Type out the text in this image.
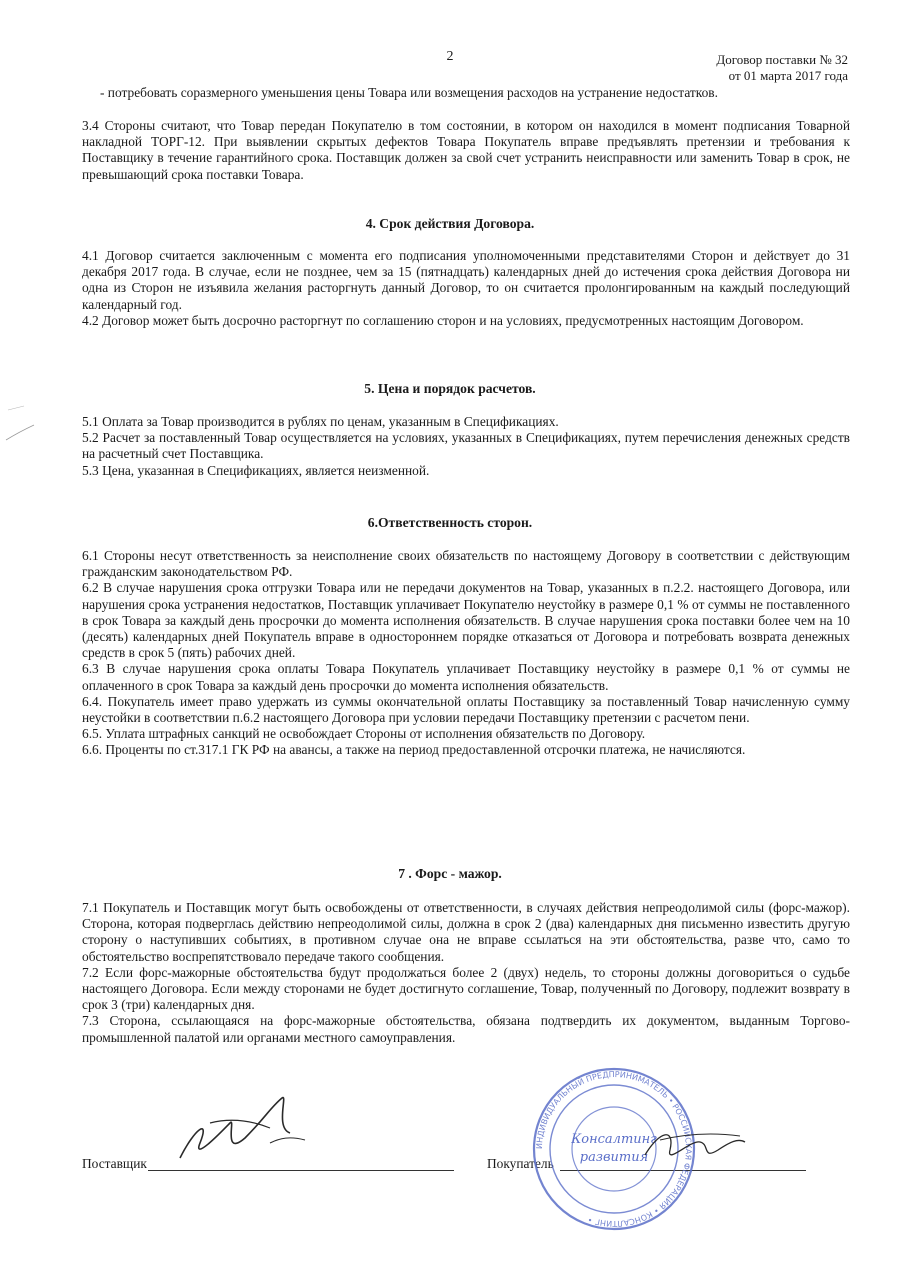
2	Договор поставки № 32
от 01 марта 2017 года

- потребовать соразмерного уменьшения цены Товара или возмещения расходов на устранение недостатков.

3.4 Стороны считают, что Товар передан Покупателю в том состоянии, в котором он находился в момент подписания Товарной накладной ТОРГ-12. При выявлении скрытых дефектов Товара Покупатель вправе предъявлять претензии и требования к Поставщику в течение гарантийного срока. Поставщик должен за свой счет устранить неисправности или заменить Товар в срок, не превышающий срока поставки Товара.

4. Срок действия Договора.

4.1 Договор считается заключенным с момента его подписания уполномоченными представителями Сторон и действует до 31 декабря 2017 года. В случае, если не позднее, чем за 15 (пятнадцать) календарных дней до истечения срока действия Договора ни одна из Сторон не изъявила желания расторгнуть данный Договор, то он считается пролонгированным на каждый последующий календарный год.

4.2 Договор может быть досрочно расторгнут по соглашению сторон и на условиях, предусмотренных настоящим Договором.

5. Цена и порядок расчетов.

5.1 Оплата за Товар производится в рублях по ценам, указанным в Спецификациях.

5.2 Расчет за поставленный Товар осуществляется на условиях, указанных в Спецификациях, путем перечисления денежных средств на расчетный счет Поставщика.

5.3 Цена, указанная в Спецификациях, является неизменной.

6.Ответственность сторон.

6.1 Стороны несут ответственность за неисполнение своих обязательств по настоящему Договору в соответствии с действующим гражданским законодательством РФ.

6.2 В случае нарушения срока отгрузки Товара или не передачи документов на Товар, указанных в п.2.2. настоящего Договора, или нарушения срока устранения недостатков, Поставщик уплачивает Покупателю неустойку в размере 0,1 % от суммы не поставленного в срок Товара за каждый день просрочки до момента исполнения обязательств. В случае нарушения срока поставки более чем на 10 (десять) календарных дней Покупатель вправе в одностороннем порядке отказаться от Договора и потребовать возврата денежных средств в срок 5 (пять) рабочих дней.

6.3 В случае нарушения срока оплаты Товара Покупатель уплачивает Поставщику неустойку в размере 0,1 % от суммы не оплаченного в срок Товара за каждый день просрочки до момента исполнения обязательств.

6.4. Покупатель имеет право удержать из суммы окончательной оплаты Поставщику за поставленный Товар начисленную сумму неустойки в соответствии п.6.2 настоящего Договора при условии передачи Поставщику претензии с расчетом пени.

6.5. Уплата штрафных санкций не освобождает Стороны от исполнения обязательств по Договору.

6.6. Проценты по ст.317.1 ГК РФ на авансы, а также на период предоставленной отсрочки платежа, не начисляются.

7 . Форс - мажор.

7.1 Покупатель и Поставщик могут быть освобождены от ответственности, в случаях действия непреодолимой силы (форс-мажор). Сторона, которая подверглась действию непреодолимой силы, должна в срок 2 (два) календарных дня письменно известить другую сторону о наступивших событиях, в противном случае она не вправе ссылаться на эти обстоятельства, разве что, само то обстоятельство воспрепятствовало передаче такого сообщения.

7.2 Если форс-мажорные обстоятельства будут продолжаться более 2 (двух) недель, то стороны должны договориться о судьбе настоящего Договора. Если между сторонами не будет достигнуто соглашение, Товар, полученный по Договору, подлежит возврату в срок 3 (три) календарных дня.

7.3 Сторона, ссылающаяся на форс-мажорные обстоятельства, обязана подтвердить их документом, выданным Торгово-промышленной палатой или органами местного самоуправления.

Поставщик	Покупатель
ИНДИВИДУАЛЬНЫЙ ПРЕДПРИНИМАТЕЛЬ • РОССИЙСКАЯ ФЕДЕРАЦИЯ • КОНСАЛТИНГ •
Консалтинг
развития
